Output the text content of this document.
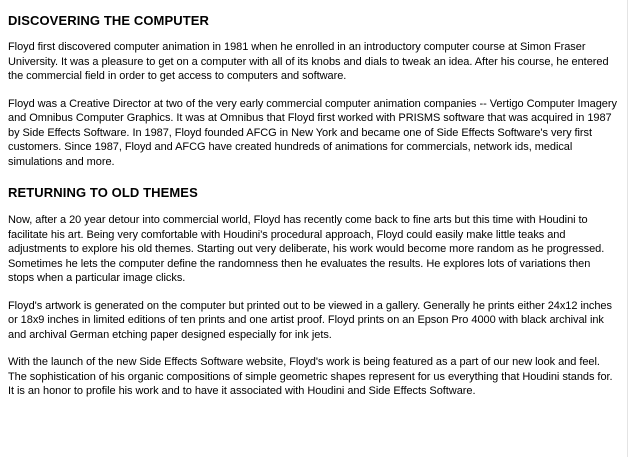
DISCOVERING THE COMPUTER

Floyd first discovered computer animation in 1981 when he enrolled in an introductory computer course at Simon Fraser University. It was a pleasure to get on a computer with all of its knobs and dials to tweak an idea. After his course, he entered the commercial field in order to get access to computers and software.

Floyd was a Creative Director at two of the very early commercial computer animation companies -- Vertigo Computer Imagery and Omnibus Computer Graphics. It was at Omnibus that Floyd first worked with PRISMS software that was acquired in 1987 by Side Effects Software. In 1987, Floyd founded AFCG in New York and became one of Side Effects Software's very first customers. Since 1987, Floyd and AFCG have created hundreds of animations for commercials, network ids, medical simulations and more.

RETURNING TO OLD THEMES

Now, after a 20 year detour into commercial world, Floyd has recently come back to fine arts but this time with Houdini to facilitate his art. Being very comfortable with Houdini's procedural approach, Floyd could easily make little teaks and adjustments to explore his old themes. Starting out very deliberate, his work would become more random as he progressed. Sometimes he lets the computer define the randomness then he evaluates the results. He explores lots of variations then stops when a particular image clicks.

Floyd's artwork is generated on the computer but printed out to be viewed in a gallery. Generally he prints either 24x12 inches or 18x9 inches in limited editions of ten prints and one artist proof. Floyd prints on an Epson Pro 4000 with black archival ink and archival German etching paper designed especially for ink jets.

With the launch of the new Side Effects Software website, Floyd's work is being featured as a part of our new look and feel. The sophistication of his organic compositions of simple geometric shapes represent for us everything that Houdini stands for. It is an honor to profile his work and to have it associated with Houdini and Side Effects Software.
